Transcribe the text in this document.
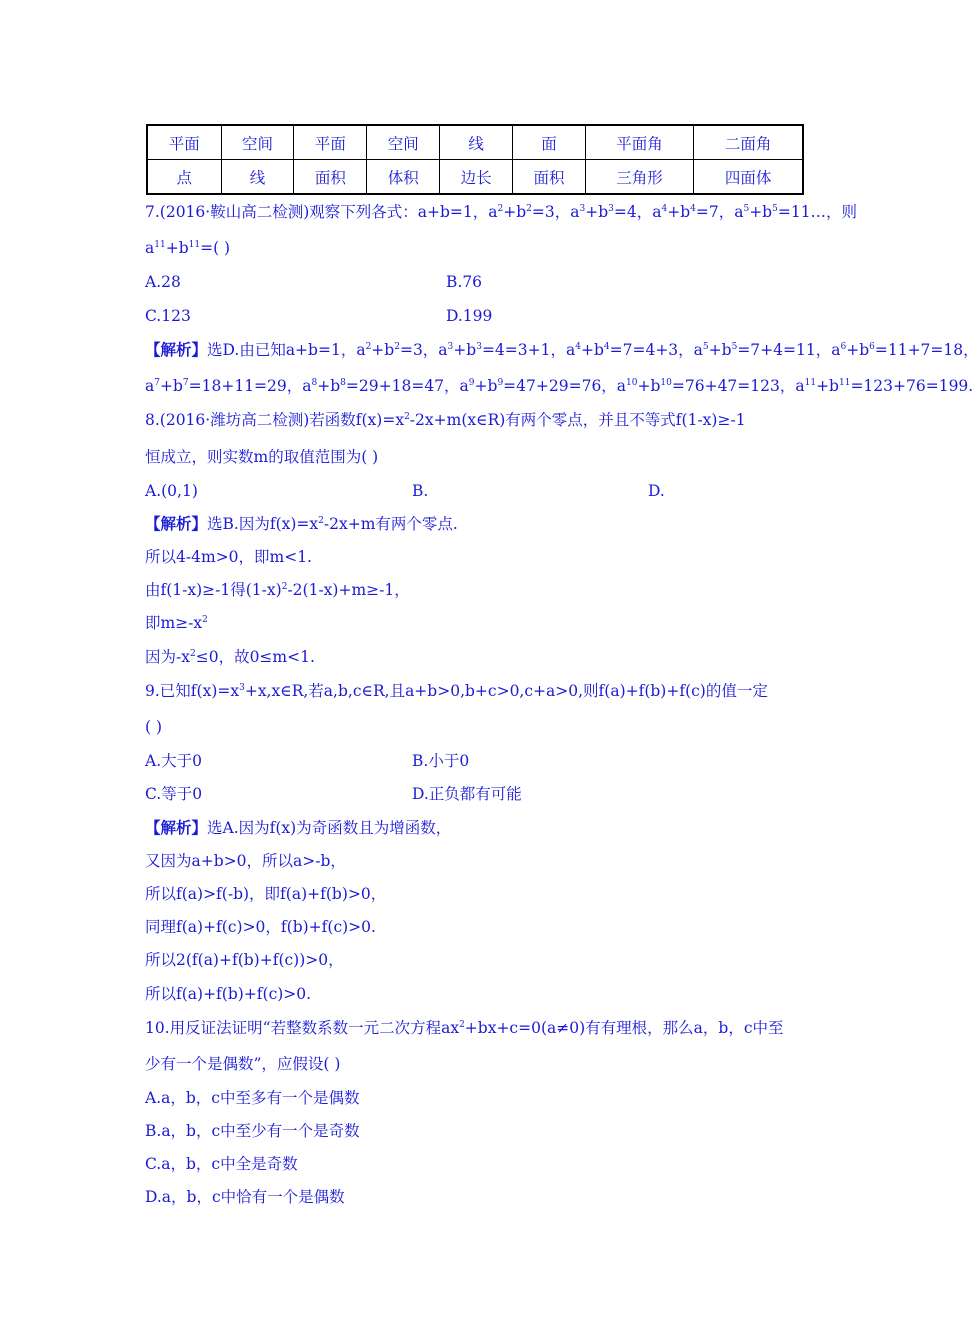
平面	空间	平面	空间	线	面	平面角	二面角
点	线	面积	体积	边长	面积	三角形	四面体
7.(2016·鞍山高二检测)观察下列各式：a+b=1，$a^2+b^2=3$，$a^3+b^3=4$，$a^4+b^4=7$，$a^5+b^5=11\dots$，则
$a^{11}+b^{11}=$( )
A.28	B.76
C.123	D.199
【解析】选D.由已知a+b=1，$a^2+b^2=3$，$a^3+b^3=4=3+1$，$a^4+b^4=7=4+3$，$a^5+b^5=7+4=11$，$a^6+b^6=11+7=18$，
$a^7+b^7=18+11=29$，$a^8+b^8=29+18=47$，$a^9+b^9=47+29=76$，$a^{10}+b^{10}=76+47=123$，$a^{11}+b^{11}=123+76=199$.
8.(2016·潍坊高二检测)若函数$f(x)=x^2-2x+m(x\in R)$有两个零点，并且不等式f(1-x)≥-1
恒成立，则实数m的取值范围为( )
A.(0,1)	B.	D.
【解析】选B.因为$f(x)=x^2-2x+m$有两个零点.
所以4-4m>0，即m<1.
由f(1-x)≥-1得$(1-x)^2-2(1-x)+m\ge-1$，
即$m\ge-x^2$
因为$-x^2\le 0$，故0≤m<1.
9.已知$f(x)=x^3+x,x\in R$,若a,b,c∈R,且a+b>0,b+c>0,c+a>0,则f(a)+f(b)+f(c)的值一定
( )
A.大于0	B.小于0
C.等于0	D.正负都有可能
【解析】选A.因为f(x)为奇函数且为增函数，
又因为a+b>0，所以a>-b，
所以f(a)>f(-b)，即f(a)+f(b)>0，
同理f(a)+f(c)>0，f(b)+f(c)>0.
所以2(f(a)+f(b)+f(c))>0，
所以f(a)+f(b)+f(c)>0.
10.用反证法证明“若整数系数一元二次方程$ax^2+bx+c=0(a\ne 0)$有有理根，那么a，b，c中至
少有一个是偶数”，应假设( )
A.a，b，c中至多有一个是偶数
B.a，b，c中至少有一个是奇数
C.a，b，c中全是奇数
D.a，b，c中恰有一个是偶数
